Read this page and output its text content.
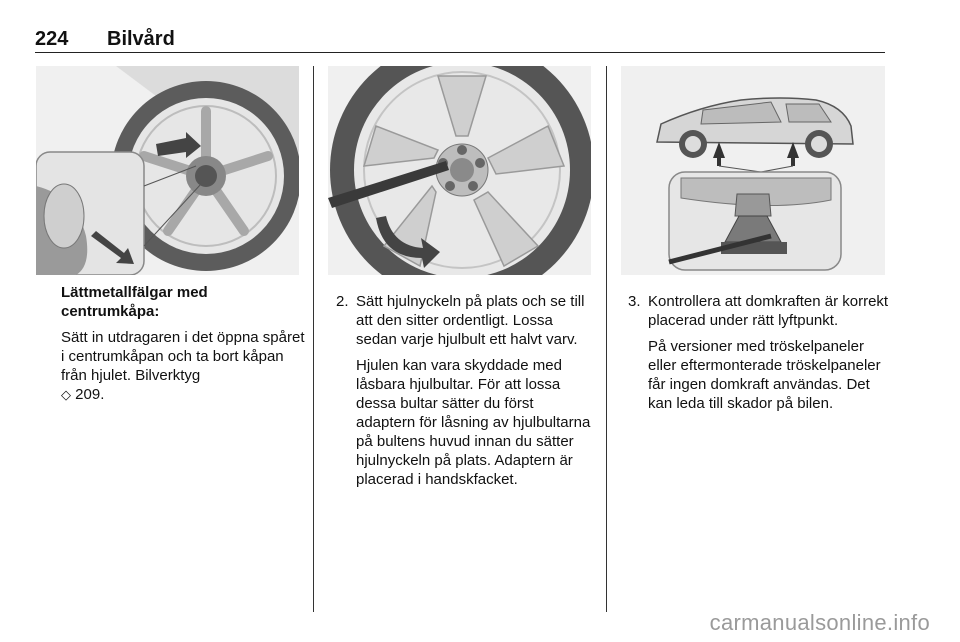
224 Bilvård

Lättmetallfälgar med centrumkåpa:

Sätt in utdragaren i det öppna spåret i centrumkåpan och ta bort kåpan från hjulet. Bilverktyg
◇ 209.

2. Sätt hjulnyckeln på plats och se till att den sitter ordentligt. Lossa sedan varje hjulbult ett halvt varv.

Hjulen kan vara skyddade med låsbara hjulbultar. För att lossa dessa bultar sätter du först adaptern för låsning av hjulbultarna på bultens huvud innan du sätter hjulnyckeln på plats. Adaptern är placerad i handskfacket.

3. Kontrollera att domkraften är korrekt placerad under rätt lyftpunkt.

På versioner med tröskelpaneler eller eftermonterade tröskelpaneler får ingen domkraft användas. Det kan leda till skador på bilen.

carmanualsonline.info
